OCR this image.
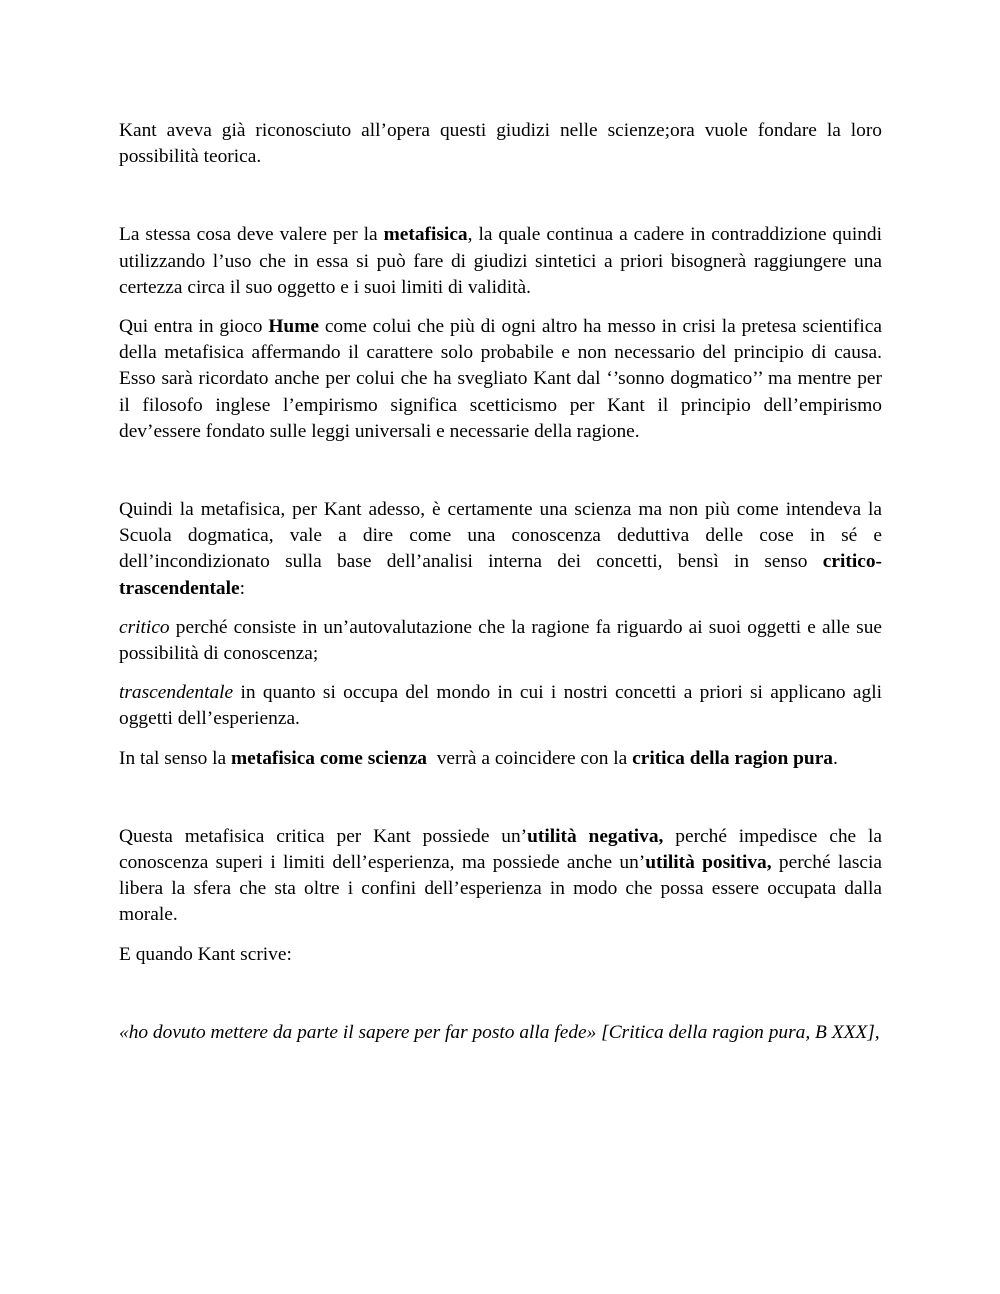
Kant aveva già riconosciuto all’opera questi giudizi nelle scienze;ora vuole fondare la loro possibilità teorica.

La stessa cosa deve valere per la metafisica, la quale continua a cadere in contraddizione quindi utilizzando l’uso che in essa si può fare di giudizi sintetici a priori bisognerà raggiungere una certezza circa il suo oggetto e i suoi limiti di validità.

Qui entra in gioco Hume come colui che più di ogni altro ha messo in crisi la pretesa scientifica della metafisica affermando il carattere solo probabile e non necessario del principio di causa. Esso sarà ricordato anche per colui che ha svegliato Kant dal ‘’sonno dogmatico’’ ma mentre per il filosofo inglese l’empirismo significa scetticismo per Kant il principio dell’empirismo dev’essere fondato sulle leggi universali e necessarie della ragione.

Quindi la metafisica, per Kant adesso, è certamente una scienza ma non più come intendeva la Scuola dogmatica, vale a dire come una conoscenza deduttiva delle cose in sé e dell’incondizionato sulla base dell’analisi interna dei concetti, bensì in senso critico-trascendentale:

critico perché consiste in un’autovalutazione che la ragione fa riguardo ai suoi oggetti e alle sue possibilità di conoscenza;

trascendentale in quanto si occupa del mondo in cui i nostri concetti a priori si applicano agli oggetti dell’esperienza.

In tal senso la metafisica come scienza  verrà a coincidere con la critica della ragion pura.

Questa metafisica critica per Kant possiede un’utilità negativa, perché impedisce che la conoscenza superi i limiti dell’esperienza, ma possiede anche un’utilità positiva, perché lascia libera la sfera che sta oltre i confini dell’esperienza in modo che possa essere occupata dalla morale.

E quando Kant scrive:

«ho dovuto mettere da parte il sapere per far posto alla fede» [Critica della ragion pura, B XXX],
